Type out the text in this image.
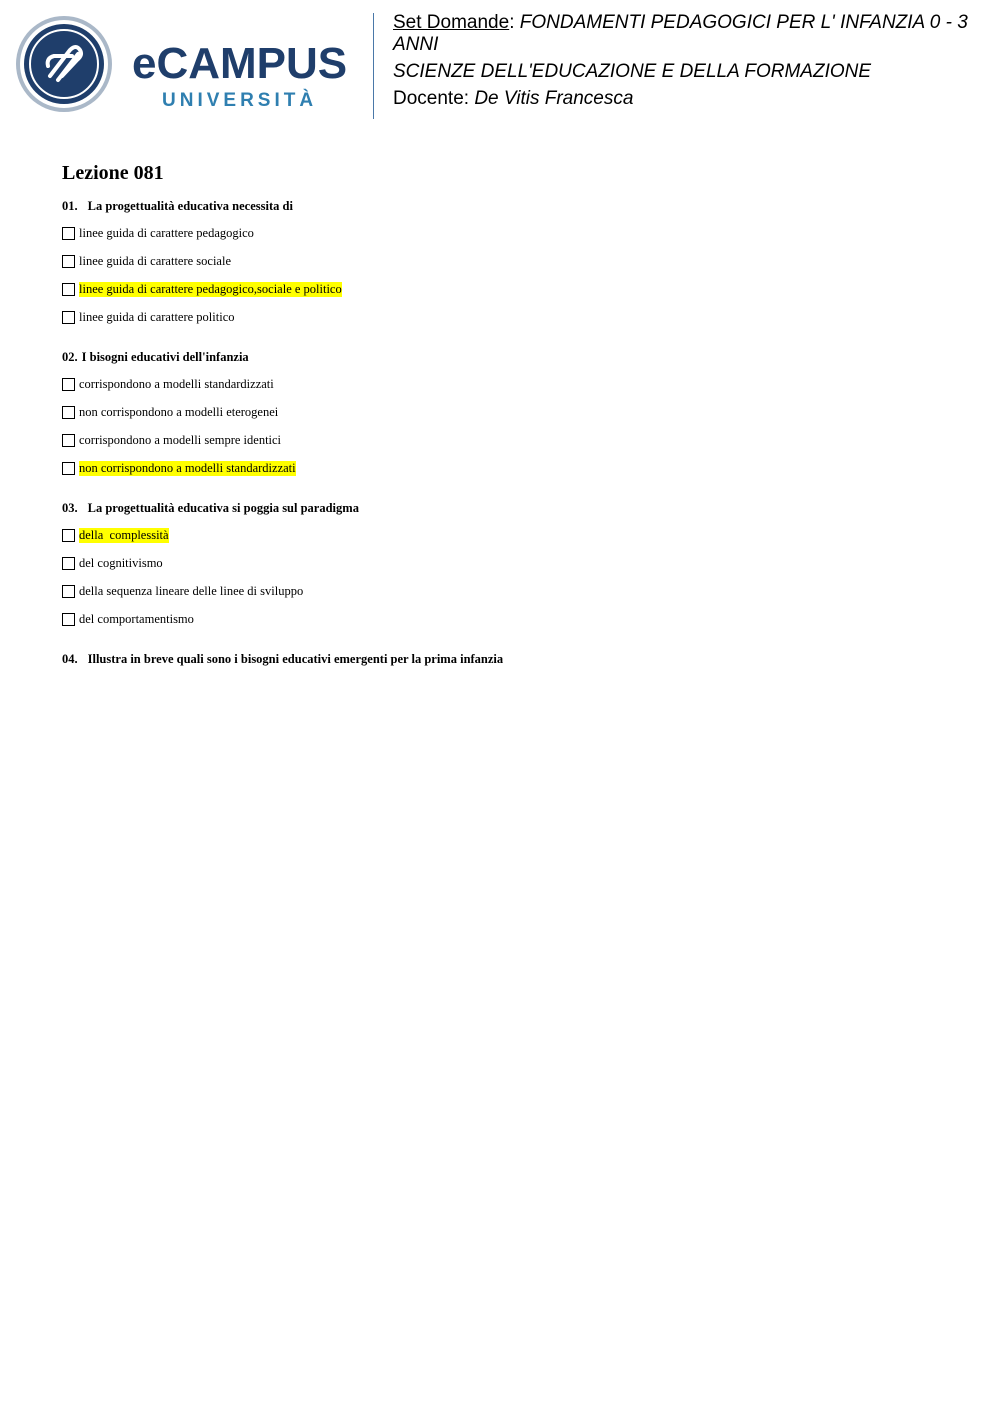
eCAMPUS
UNIVERSITÀ

Set Domande: FONDAMENTI PEDAGOGICI PER L' INFANZIA 0 - 3 ANNI

SCIENZE DELL'EDUCAZIONE E DELLA FORMAZIONE

Docente: De Vitis Francesca

Lezione 081

01. La progettualità educativa necessita di

linee guida di carattere pedagogico
linee guida di carattere sociale
linee guida di carattere pedagogico,sociale e politico
linee guida di carattere politico

02. I bisogni educativi dell'infanzia

corrispondono a modelli standardizzati
non corrispondono a modelli eterogenei
corrispondono a modelli sempre identici
non corrispondono a modelli standardizzati

03. La progettualità educativa si poggia sul paradigma

della  complessità
del cognitivismo
della sequenza lineare delle linee di sviluppo
del comportamentismo

04. Illustra in breve quali sono i bisogni educativi emergenti per la prima infanzia
